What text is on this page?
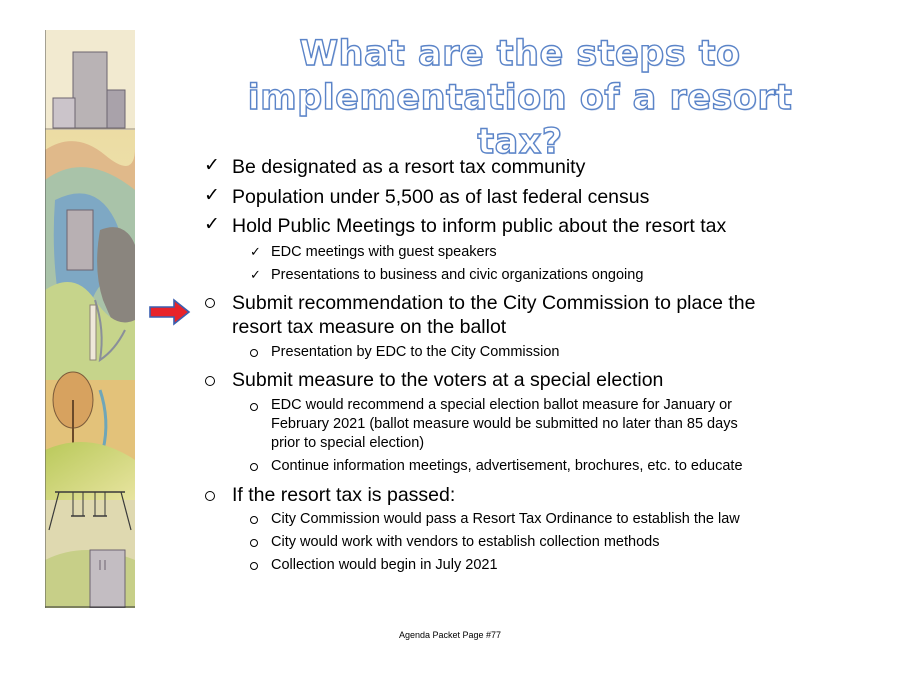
What are the steps to
implementation of a resort tax?
✓ Be designated as a resort tax community
✓ Population under 5,500 as of last federal census
✓ Hold Public Meetings to inform public about the resort tax
✓ EDC meetings with guest speakers
✓ Presentations to business and civic organizations ongoing
Submit recommendation to the City Commission to place the
resort tax measure on the ballot
Presentation by EDC to the City Commission
Submit measure to the voters at a special election
EDC would recommend a special election ballot measure for January or
February 2021 (ballot measure would be submitted no later than 85 days
prior to special election)
Continue information meetings, advertisement, brochures, etc. to educate
If the resort tax is passed:
City Commission would pass a Resort Tax Ordinance to establish the law
City would work with vendors to establish collection methods
Collection would begin in July 2021
Agenda Packet Page #77
